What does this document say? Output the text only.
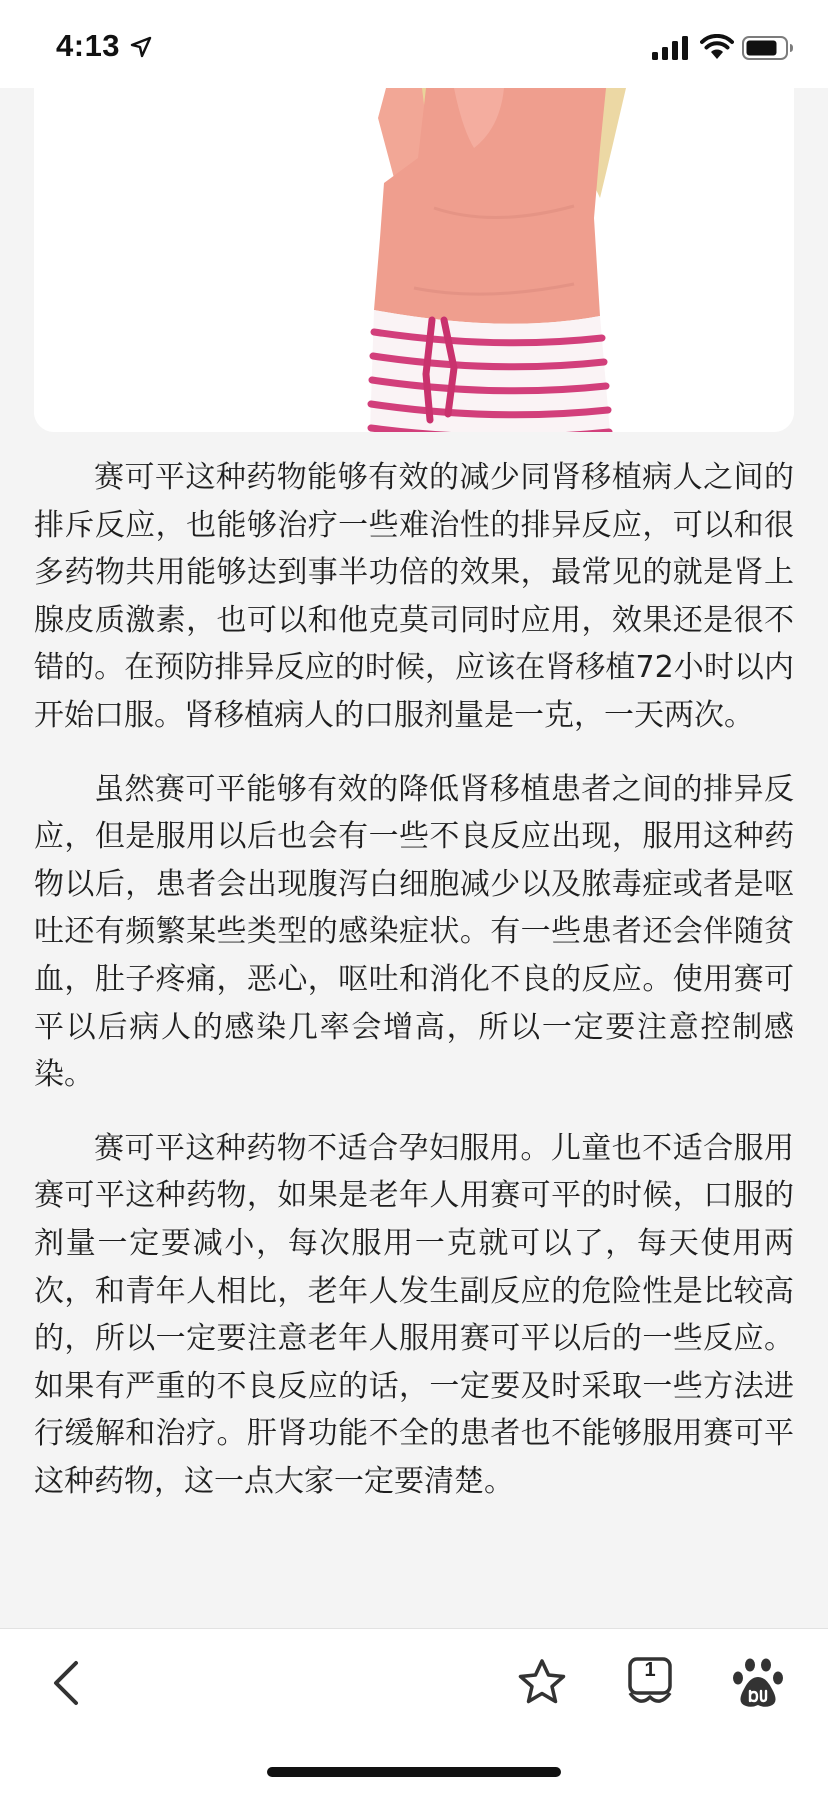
4:13

赛可平这种药物能够有效的减少同肾移植病人之间的排斥反应，也能够治疗一些难治性的排异反应，可以和很多药物共用能够达到事半功倍的效果，最常见的就是肾上腺皮质激素，也可以和他克莫司同时应用，效果还是很不错的。在预防排异反应的时候，应该在肾移植72小时以内开始口服。肾移植病人的口服剂量是一克，一天两次。

虽然赛可平能够有效的降低肾移植患者之间的排异反应，但是服用以后也会有一些不良反应出现，服用这种药物以后，患者会出现腹泻白细胞减少以及脓毒症或者是呕吐还有频繁某些类型的感染症状。有一些患者还会伴随贫血，肚子疼痛，恶心，呕吐和消化不良的反应。使用赛可平以后病人的感染几率会增高，所以一定要注意控制感染。

赛可平这种药物不适合孕妇服用。儿童也不适合服用赛可平这种药物，如果是老年人用赛可平的时候，口服的剂量一定要减小，每次服用一克就可以了，每天使用两次，和青年人相比，老年人发生副反应的危险性是比较高的，所以一定要注意老年人服用赛可平以后的一些反应。如果有严重的不良反应的话，一定要及时采取一些方法进行缓解和治疗。肝肾功能不全的患者也不能够服用赛可平这种药物，这一点大家一定要清楚。

1
